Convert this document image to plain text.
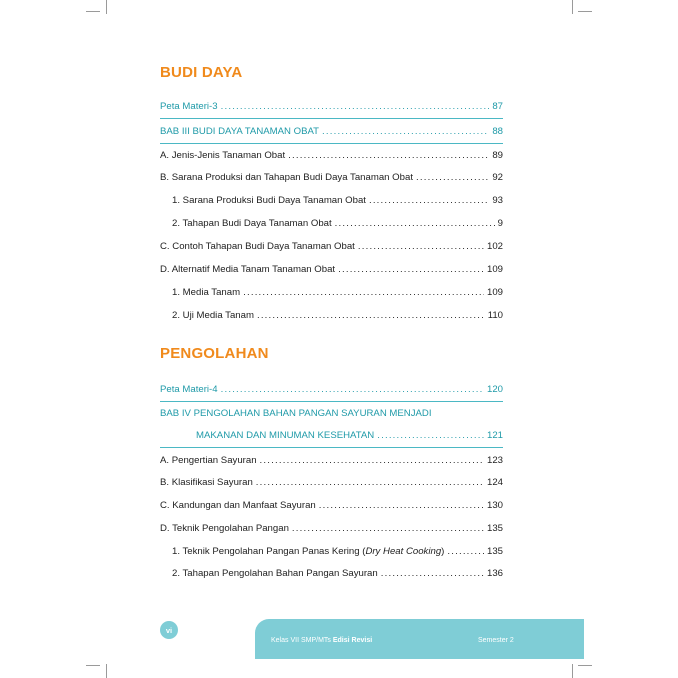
BUDI DAYA
Peta Materi-3 .....	87
BAB III BUDI DAYA TANAMAN OBAT .....	88
A. Jenis-Jenis Tanaman Obat .....	89
B. Sarana Produksi dan Tahapan Budi Daya Tanaman Obat .....	92
1. Sarana Produksi Budi Daya Tanaman Obat .....	93
2. Tahapan Budi Daya Tanaman Obat .....	9
C. Contoh Tahapan Budi Daya Tanaman Obat .....	102
D. Alternatif Media Tanam Tanaman Obat .....	109
1. Media Tanam .....	109
2. Uji Media Tanam .....	110
PENGOLAHAN
Peta Materi-4 .....	120
BAB IV PENGOLAHAN BAHAN PANGAN SAYURAN MENJADI
MAKANAN DAN MINUMAN KESEHATAN .....	121
A. Pengertian Sayuran .....	123
B. Klasifikasi Sayuran .....	124
C. Kandungan dan Manfaat Sayuran .....	130
D. Teknik Pengolahan Pangan .....	135
1. Teknik Pengolahan Pangan Panas Kering (Dry Heat Cooking) .....	135
2. Tahapan Pengolahan Bahan Pangan Sayuran .....	136
vi
Kelas VII SMP/MTs Edisi Revisi	Semester 2
